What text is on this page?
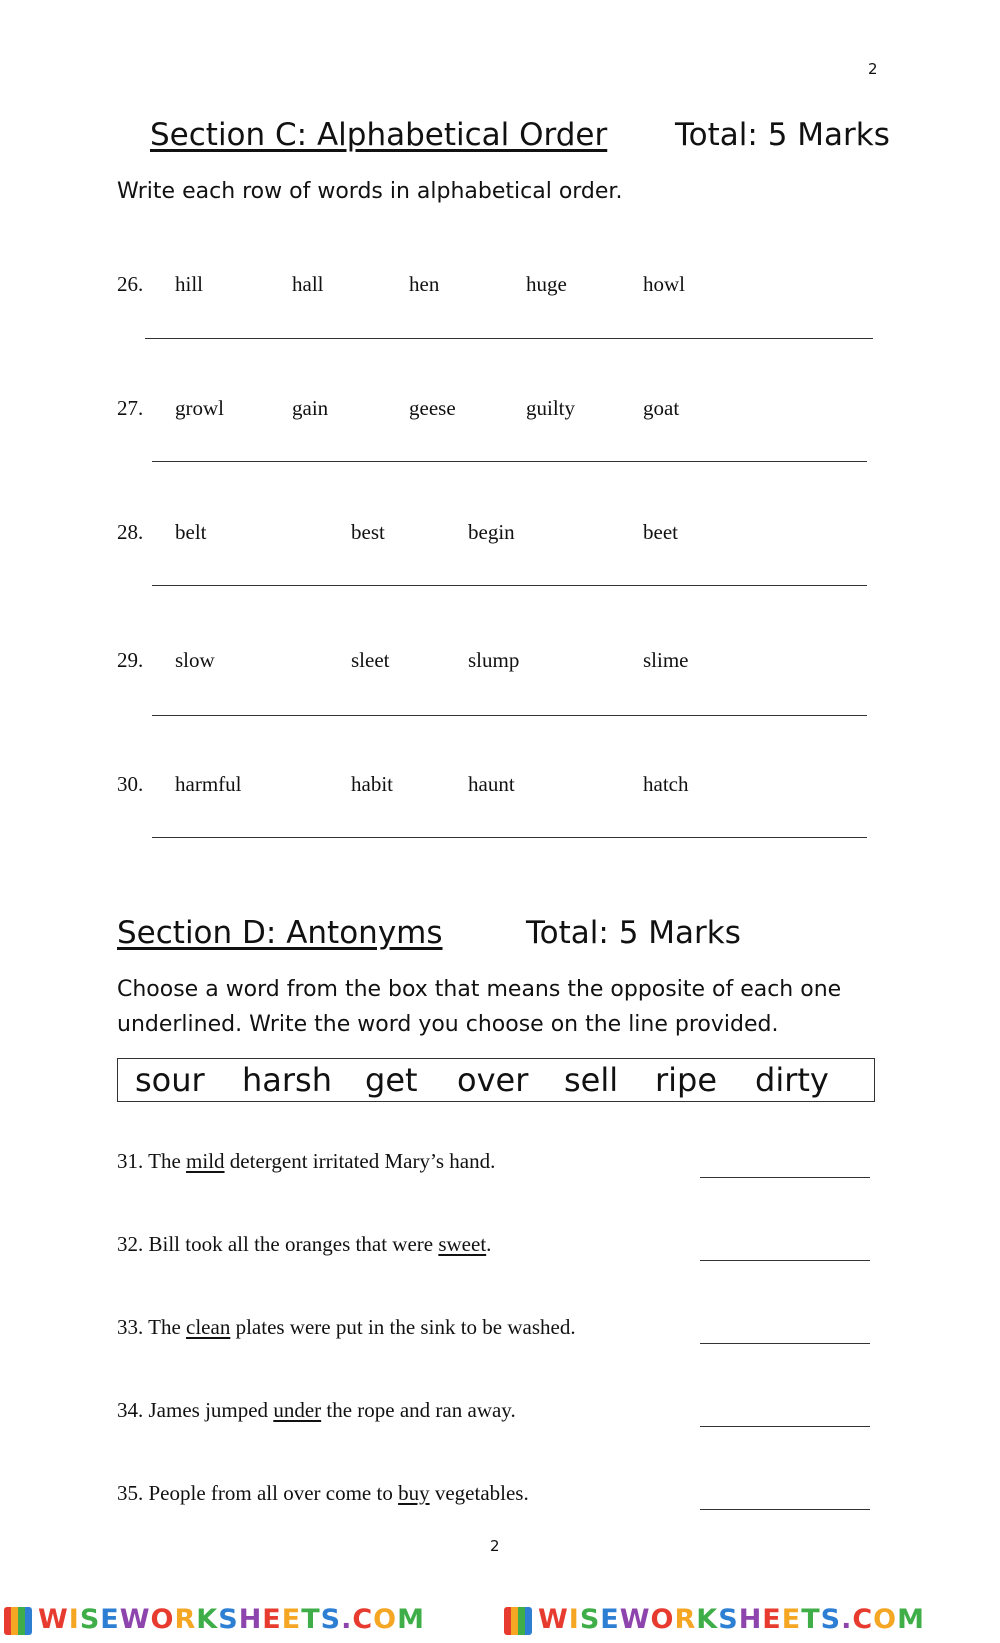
2
Section C: Alphabetical Order Total: 5 Marks
Write each row of words in alphabetical order.
26. hill	hall	hen	huge	howl
27. growl	gain	geese	guilty	goat
28. belt	best	begin	beet
29. slow	sleet	slump	slime
30. harmful	habit	haunt	hatch
Section D: Antonyms	Total: 5 Marks
Choose a word from the box that means the opposite of each one
underlined. Write the word you choose on the line provided.
sour harsh get over sell ripe dirty
31. The mild detergent irritated Mary’s hand.
32. Bill took all the oranges that were sweet.
33. The clean plates were put in the sink to be washed.
34. James jumped under the rope and ran away.
35. People from all over come to buy vegetables.
2
WISEWORKSHEETS.COM	WISEWORKSHEETS.COM
